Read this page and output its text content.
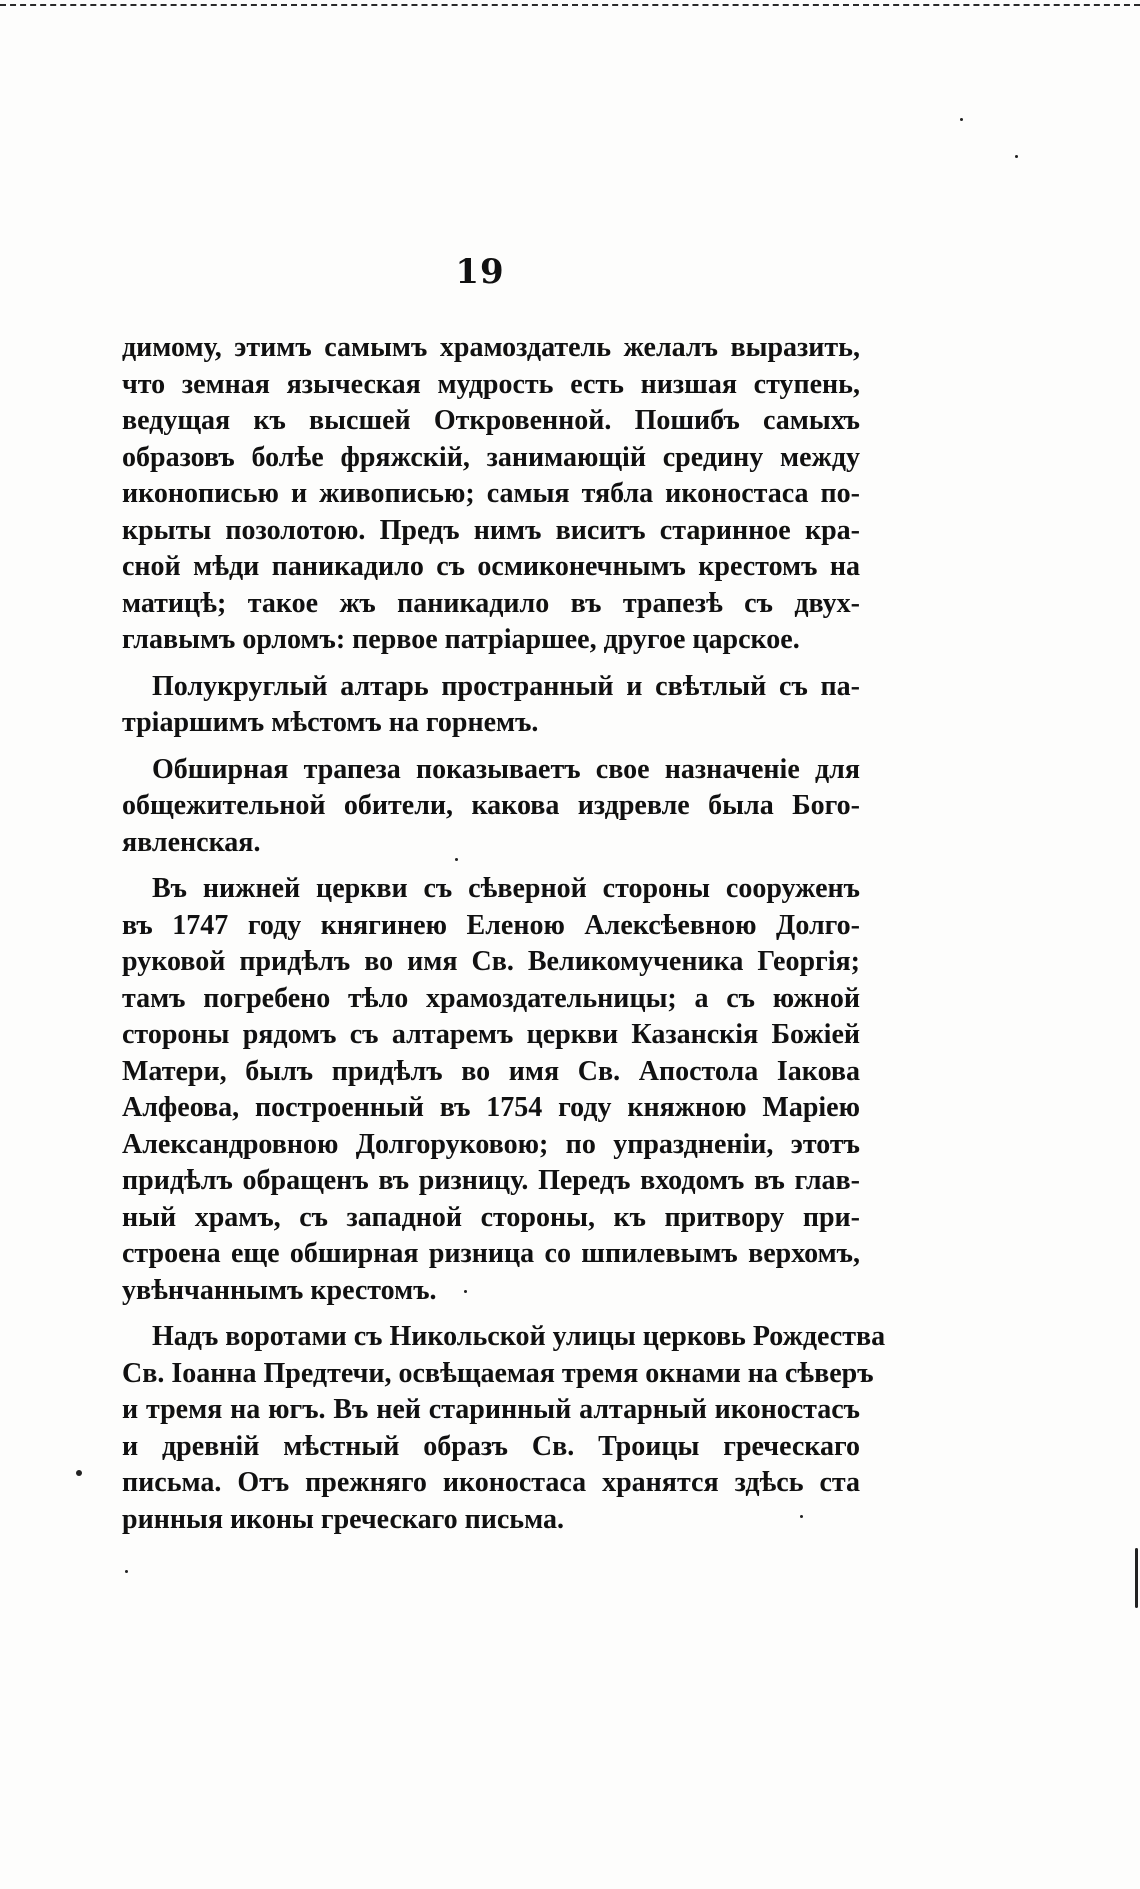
19
димому, этимъ самымъ храмоздатель желалъ выразить,
что земная языческая мудрость есть низшая ступень,
ведущая къ высшей Откровенной. Пошибъ самыхъ
образовъ болѣе фряжскій, занимающій средину между
иконописью и живописью; самыя тябла иконостаса по-
крыты позолотою. Предъ нимъ виситъ старинное кра-
сной мѣди паникадило съ осмиконечнымъ крестомъ на
матицѣ; такое жъ паникадило въ трапезѣ съ двух-
главымъ орломъ: первое патріаршее, другое царское.
Полукруглый алтарь пространный и свѣтлый съ па-
тріаршимъ мѣстомъ на горнемъ.
Обширная трапеза показываетъ свое назначеніе для
общежительной обители, какова издревле была Бого-
явленская.
Въ нижней церкви съ сѣверной стороны сооруженъ
въ 1747 году княгинею Еленою Алексѣевною Долго-
руковой придѣлъ во имя Св. Великомученика Георгія;
тамъ погребено тѣло храмоздательницы; а съ южной
стороны рядомъ съ алтаремъ церкви Казанскія Божіей
Матери, былъ придѣлъ во имя Св. Апостола Іакова
Алфеова, построенный въ 1754 году княжною Маріею
Александровною Долгоруковою; по упраздненіи, этотъ
придѣлъ обращенъ въ ризницу. Передъ входомъ въ глав-
ный храмъ, съ западной стороны, къ притвору при-
строена еще обширная ризница со шпилевымъ верхомъ,
увѣнчаннымъ крестомъ.
Надъ воротами съ Никольской улицы церковь Рождества
Св. Іоанна Предтечи, освѣщаемая тремя окнами на сѣверъ
и тремя на югъ. Въ ней старинный алтарный иконостасъ
и древній мѣстный образъ Св. Троицы греческаго
письма. Отъ прежняго иконостаса хранятся здѣсь ста
ринныя иконы греческаго письма.
